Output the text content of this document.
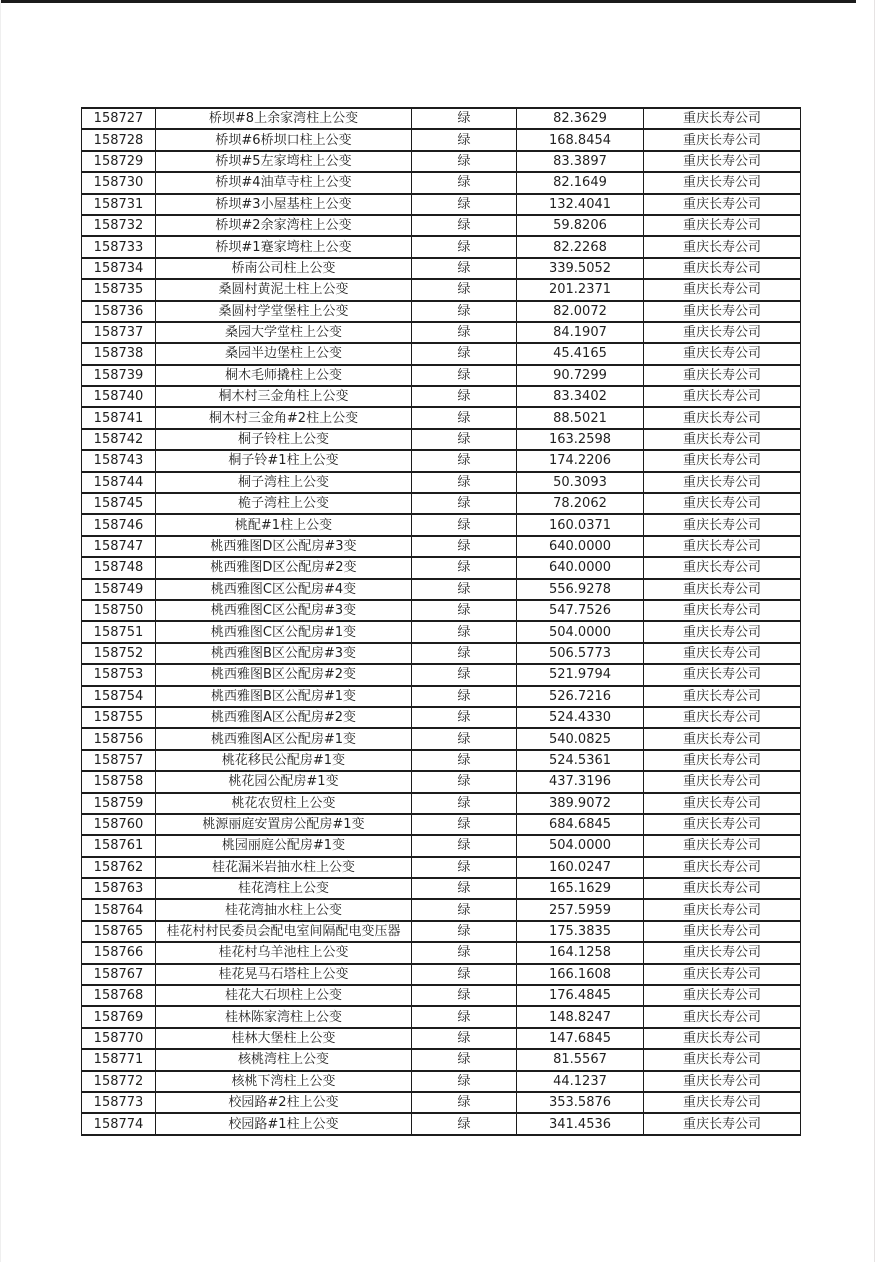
158727	桥坝#8上余家湾柱上公变	绿	82.3629	重庆长寿公司
158728	桥坝#6桥坝口柱上公变	绿	168.8454	重庆长寿公司
158729	桥坝#5左家塆柱上公变	绿	83.3897	重庆长寿公司
158730	桥坝#4油草寺柱上公变	绿	82.1649	重庆长寿公司
158731	桥坝#3小屋基柱上公变	绿	132.4041	重庆长寿公司
158732	桥坝#2余家湾柱上公变	绿	59.8206	重庆长寿公司
158733	桥坝#1蹇家塆柱上公变	绿	82.2268	重庆长寿公司
158734	桥南公司柱上公变	绿	339.5052	重庆长寿公司
158735	桑圆村黄泥土柱上公变	绿	201.2371	重庆长寿公司
158736	桑圆村学堂堡柱上公变	绿	82.0072	重庆长寿公司
158737	桑园大学堂柱上公变	绿	84.1907	重庆长寿公司
158738	桑园半边堡柱上公变	绿	45.4165	重庆长寿公司
158739	桐木毛师撬柱上公变	绿	90.7299	重庆长寿公司
158740	桐木村三金角柱上公变	绿	83.3402	重庆长寿公司
158741	桐木村三金角#2柱上公变	绿	88.5021	重庆长寿公司
158742	桐子铃柱上公变	绿	163.2598	重庆长寿公司
158743	桐子铃#1柱上公变	绿	174.2206	重庆长寿公司
158744	桐子湾柱上公变	绿	50.3093	重庆长寿公司
158745	桅子湾柱上公变	绿	78.2062	重庆长寿公司
158746	桃配#1柱上公变	绿	160.0371	重庆长寿公司
158747	桃西雅图D区公配房#3变	绿	640.0000	重庆长寿公司
158748	桃西雅图D区公配房#2变	绿	640.0000	重庆长寿公司
158749	桃西雅图C区公配房#4变	绿	556.9278	重庆长寿公司
158750	桃西雅图C区公配房#3变	绿	547.7526	重庆长寿公司
158751	桃西雅图C区公配房#1变	绿	504.0000	重庆长寿公司
158752	桃西雅图B区公配房#3变	绿	506.5773	重庆长寿公司
158753	桃西雅图B区公配房#2变	绿	521.9794	重庆长寿公司
158754	桃西雅图B区公配房#1变	绿	526.7216	重庆长寿公司
158755	桃西雅图A区公配房#2变	绿	524.4330	重庆长寿公司
158756	桃西雅图A区公配房#1变	绿	540.0825	重庆长寿公司
158757	桃花移民公配房#1变	绿	524.5361	重庆长寿公司
158758	桃花园公配房#1变	绿	437.3196	重庆长寿公司
158759	桃花农贸柱上公变	绿	389.9072	重庆长寿公司
158760	桃源丽庭安置房公配房#1变	绿	684.6845	重庆长寿公司
158761	桃园丽庭公配房#1变	绿	504.0000	重庆长寿公司
158762	桂花漏米岩抽水柱上公变	绿	160.0247	重庆长寿公司
158763	桂花湾柱上公变	绿	165.1629	重庆长寿公司
158764	桂花湾抽水柱上公变	绿	257.5959	重庆长寿公司
158765	桂花村村民委员会配电室间隔配电变压器	绿	175.3835	重庆长寿公司
158766	桂花村乌羊池柱上公变	绿	164.1258	重庆长寿公司
158767	桂花晃马石塔柱上公变	绿	166.1608	重庆长寿公司
158768	桂花大石坝柱上公变	绿	176.4845	重庆长寿公司
158769	桂林陈家湾柱上公变	绿	148.8247	重庆长寿公司
158770	桂林大堡柱上公变	绿	147.6845	重庆长寿公司
158771	核桃湾柱上公变	绿	81.5567	重庆长寿公司
158772	核桃下湾柱上公变	绿	44.1237	重庆长寿公司
158773	校园路#2柱上公变	绿	353.5876	重庆长寿公司
158774	校园路#1柱上公变	绿	341.4536	重庆长寿公司
